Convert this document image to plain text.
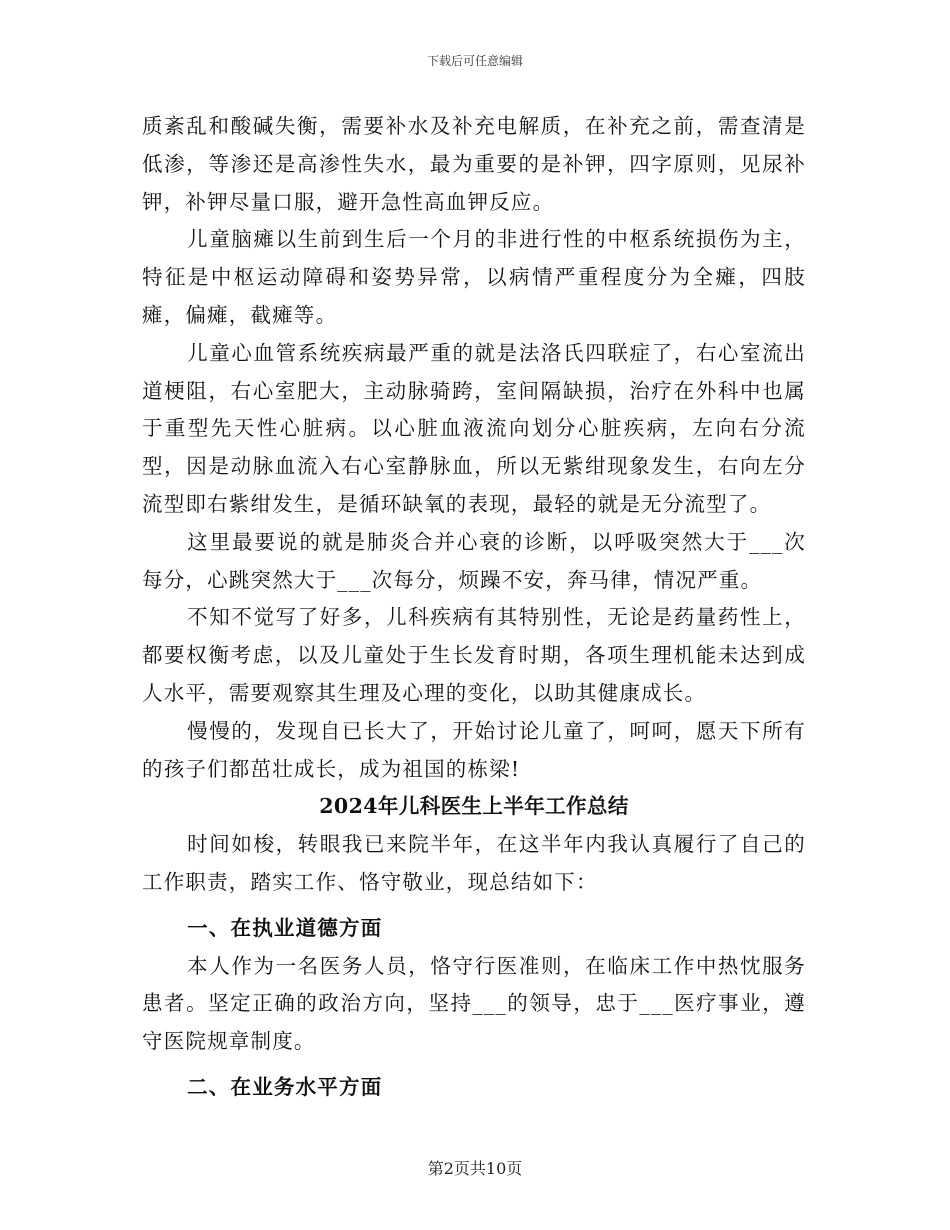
下载后可任意编辑

质紊乱和酸碱失衡，需要补水及补充电解质，在补充之前，需查清是低渗，等渗还是高渗性失水，最为重要的是补钾，四字原则，见尿补钾，补钾尽量口服，避开急性高血钾反应。

儿童脑瘫以生前到生后一个月的非进行性的中枢系统损伤为主，特征是中枢运动障碍和姿势异常，以病情严重程度分为全瘫，四肢瘫，偏瘫，截瘫等。

儿童心血管系统疾病最严重的就是法洛氏四联症了，右心室流出道梗阻，右心室肥大，主动脉骑跨，室间隔缺损，治疗在外科中也属于重型先天性心脏病。以心脏血液流向划分心脏疾病，左向右分流型，因是动脉血流入右心室静脉血，所以无紫绀现象发生，右向左分流型即右紫绀发生，是循环缺氧的表现，最轻的就是无分流型了。

这里最要说的就是肺炎合并心衰的诊断，以呼吸突然大于___次每分，心跳突然大于___次每分，烦躁不安，奔马律，情况严重。

不知不觉写了好多，儿科疾病有其特别性，无论是药量药性上，都要权衡考虑，以及儿童处于生长发育时期，各项生理机能未达到成人水平，需要观察其生理及心理的变化，以助其健康成长。

慢慢的，发现自已长大了，开始讨论儿童了，呵呵，愿天下所有的孩子们都茁壮成长，成为祖国的栋梁!

2024年儿科医生上半年工作总结

时间如梭，转眼我已来院半年，在这半年内我认真履行了自己的工作职责，踏实工作、恪守敬业，现总结如下：

一、在执业道德方面

本人作为一名医务人员，恪守行医准则，在临床工作中热忱服务患者。坚定正确的政治方向，坚持___的领导，忠于___医疗事业，遵守医院规章制度。

二、在业务水平方面

第2页共10页
